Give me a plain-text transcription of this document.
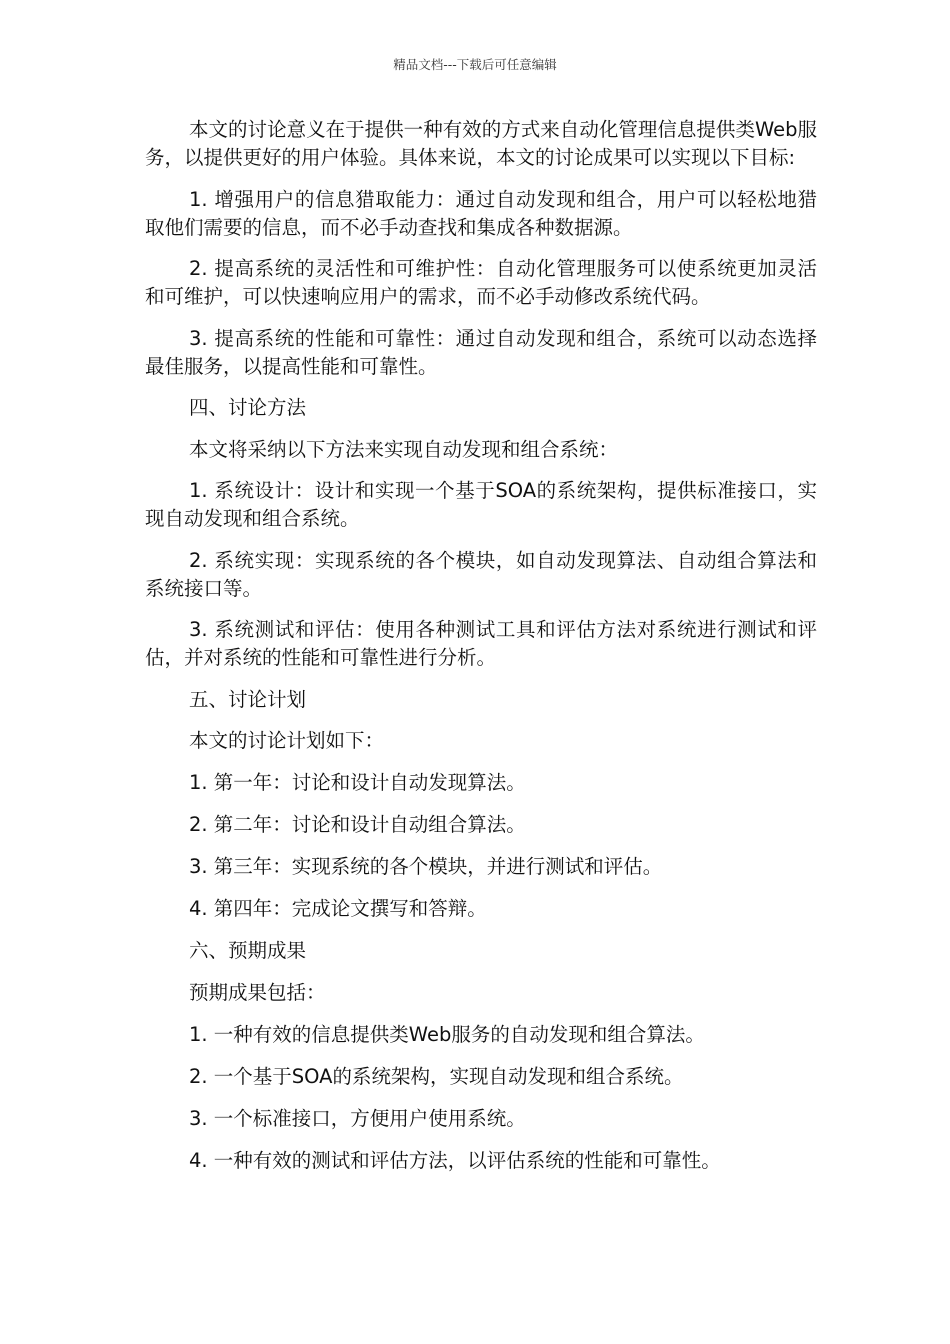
精品文档---下载后可任意编辑

本文的讨论意义在于提供一种有效的方式来自动化管理信息提供类Web服务，以提供更好的用户体验。具体来说，本文的讨论成果可以实现以下目标:

1. 增强用户的信息猎取能力：通过自动发现和组合，用户可以轻松地猎取他们需要的信息，而不必手动查找和集成各种数据源。

2. 提高系统的灵活性和可维护性：自动化管理服务可以使系统更加灵活和可维护，可以快速响应用户的需求，而不必手动修改系统代码。

3. 提高系统的性能和可靠性：通过自动发现和组合，系统可以动态选择最佳服务，以提高性能和可靠性。

四、讨论方法

本文将采纳以下方法来实现自动发现和组合系统：

1. 系统设计：设计和实现一个基于SOA的系统架构，提供标准接口，实现自动发现和组合系统。

2. 系统实现：实现系统的各个模块，如自动发现算法、自动组合算法和系统接口等。

3. 系统测试和评估：使用各种测试工具和评估方法对系统进行测试和评估，并对系统的性能和可靠性进行分析。

五、讨论计划

本文的讨论计划如下：

1. 第一年：讨论和设计自动发现算法。

2. 第二年：讨论和设计自动组合算法。

3. 第三年：实现系统的各个模块，并进行测试和评估。

4. 第四年：完成论文撰写和答辩。

六、预期成果

预期成果包括：

1. 一种有效的信息提供类Web服务的自动发现和组合算法。

2. 一个基于SOA的系统架构，实现自动发现和组合系统。

3. 一个标准接口，方便用户使用系统。

4. 一种有效的测试和评估方法，以评估系统的性能和可靠性。
